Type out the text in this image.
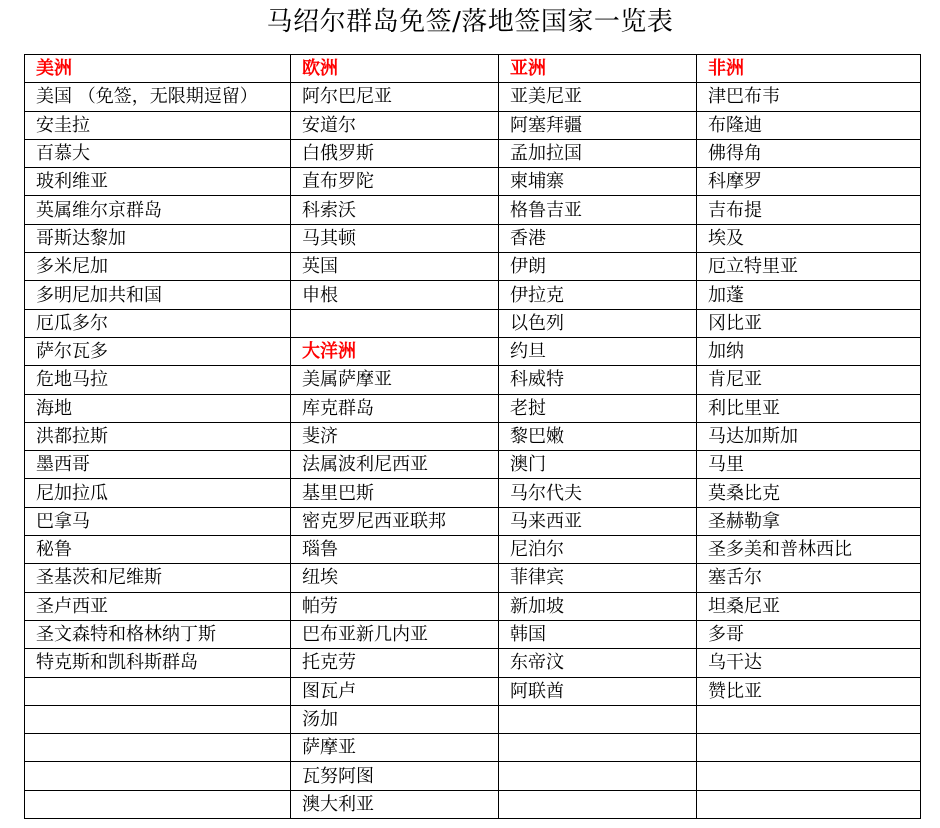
马绍尔群岛免签/落地签国家一览表
美洲	欧洲	亚洲	非洲
美国 （免签，无限期逗留）	阿尔巴尼亚	亚美尼亚	津巴布韦
安圭拉	安道尔	阿塞拜疆	布隆迪
百慕大	白俄罗斯	孟加拉国	佛得角
玻利维亚	直布罗陀	柬埔寨	科摩罗
英属维尔京群岛	科索沃	格鲁吉亚	吉布提
哥斯达黎加	马其顿	香港	埃及
多米尼加	英国	伊朗	厄立特里亚
多明尼加共和国	申根	伊拉克	加蓬
厄瓜多尔		以色列	冈比亚
萨尔瓦多	大洋洲	约旦	加纳
危地马拉	美属萨摩亚	科威特	肯尼亚
海地	库克群岛	老挝	利比里亚
洪都拉斯	斐济	黎巴嫩	马达加斯加
墨西哥	法属波利尼西亚	澳门	马里
尼加拉瓜	基里巴斯	马尔代夫	莫桑比克
巴拿马	密克罗尼西亚联邦	马来西亚	圣赫勒拿
秘鲁	瑙鲁	尼泊尔	圣多美和普林西比
圣基茨和尼维斯	纽埃	菲律宾	塞舌尔
圣卢西亚	帕劳	新加坡	坦桑尼亚
圣文森特和格林纳丁斯	巴布亚新几内亚	韩国	多哥
特克斯和凯科斯群岛	托克劳	东帝汶	乌干达
	图瓦卢	阿联酋	赞比亚
	汤加		
	萨摩亚		
	瓦努阿图		
	澳大利亚		
